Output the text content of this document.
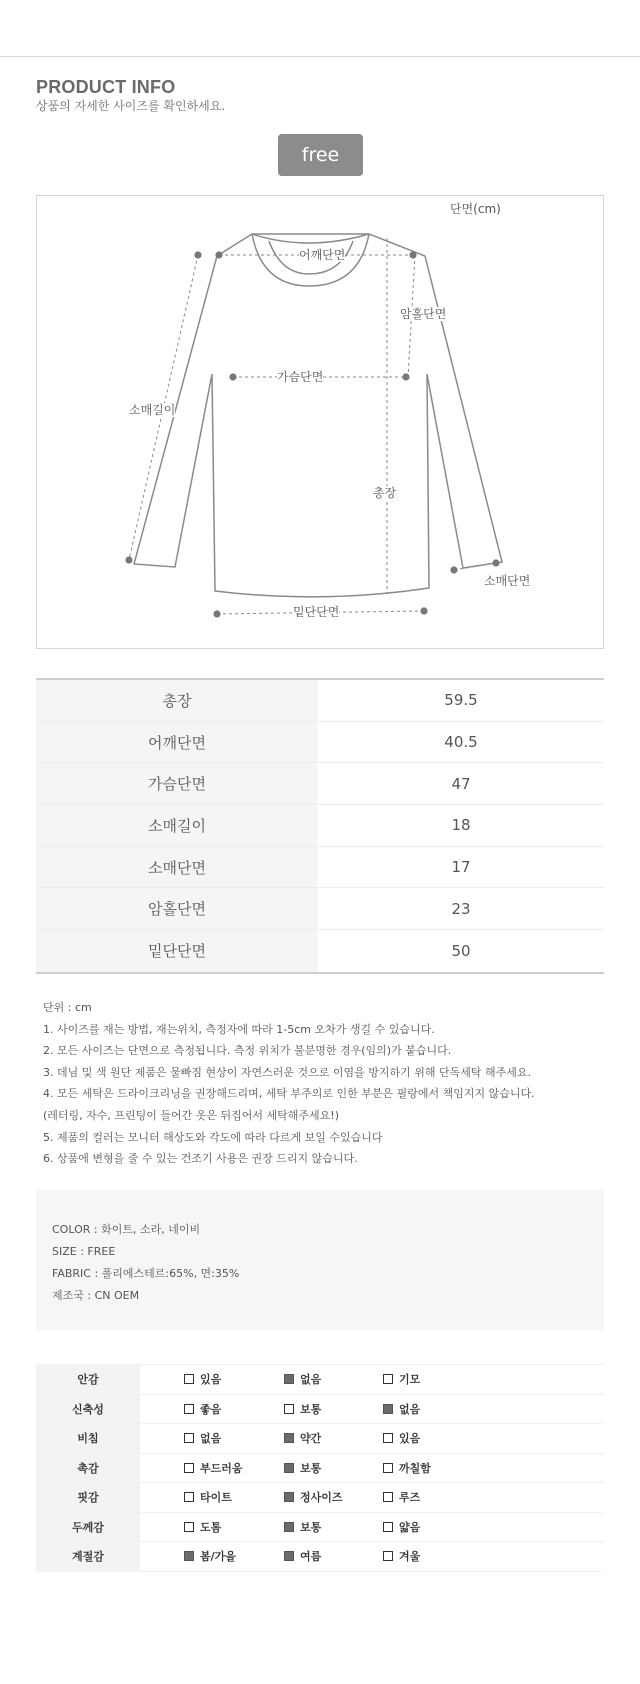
PRODUCT INFO
상품의 자세한 사이즈를 확인하세요.
free
단면(cm)
어깨단면
암홀단면
가슴단면
소매길이
총장
소매단면
밑단단면
총장	59.5
어깨단면	40.5
가슴단면	47
소매길이	18
소매단면	17
암홀단면	23
밑단단면	50
단위 : cm
1. 사이즈를 재는 방법, 재는위치, 측정자에 따라 1-5cm 오차가 생길 수 있습니다.
2. 모든 사이즈는 단면으로 측정됩니다. 측정 위치가 불분명한 경우(임의)가 붙습니다.
3. 데님 및 색 원단 제품은 물빠짐 현상이 자연스러운 것으로 이염을 방지하기 위해 단독세탁 해주세요.
4. 모든 세탁은 드라이크리닝을 권장해드리며, 세탁 부주의로 인한 부분은 필랑에서 책임지지 않습니다.
(레터링, 자수, 프린팅이 들어간 옷은 뒤집어서 세탁해주세요!)
5. 제품의 컬러는 모니터 해상도와 각도에 따라 다르게 보일 수있습니다
6. 상품에 변형을 줄 수 있는 건조기 사용은 권장 드리지 않습니다.
COLOR : 화이트, 소라, 네이비
SIZE : FREE
FABRIC : 폴리에스테르:65%, 면:35%
제조국 : CN OEM
안감	있음	없음	기모
신축성	좋음	보통	없음
비침	없음	약간	있음
촉감	부드러움	보통	까칠함
핏감	타이트	정사이즈	루즈
두께감	도톰	보통	얇음
계절감	봄/가을	여름	겨울
